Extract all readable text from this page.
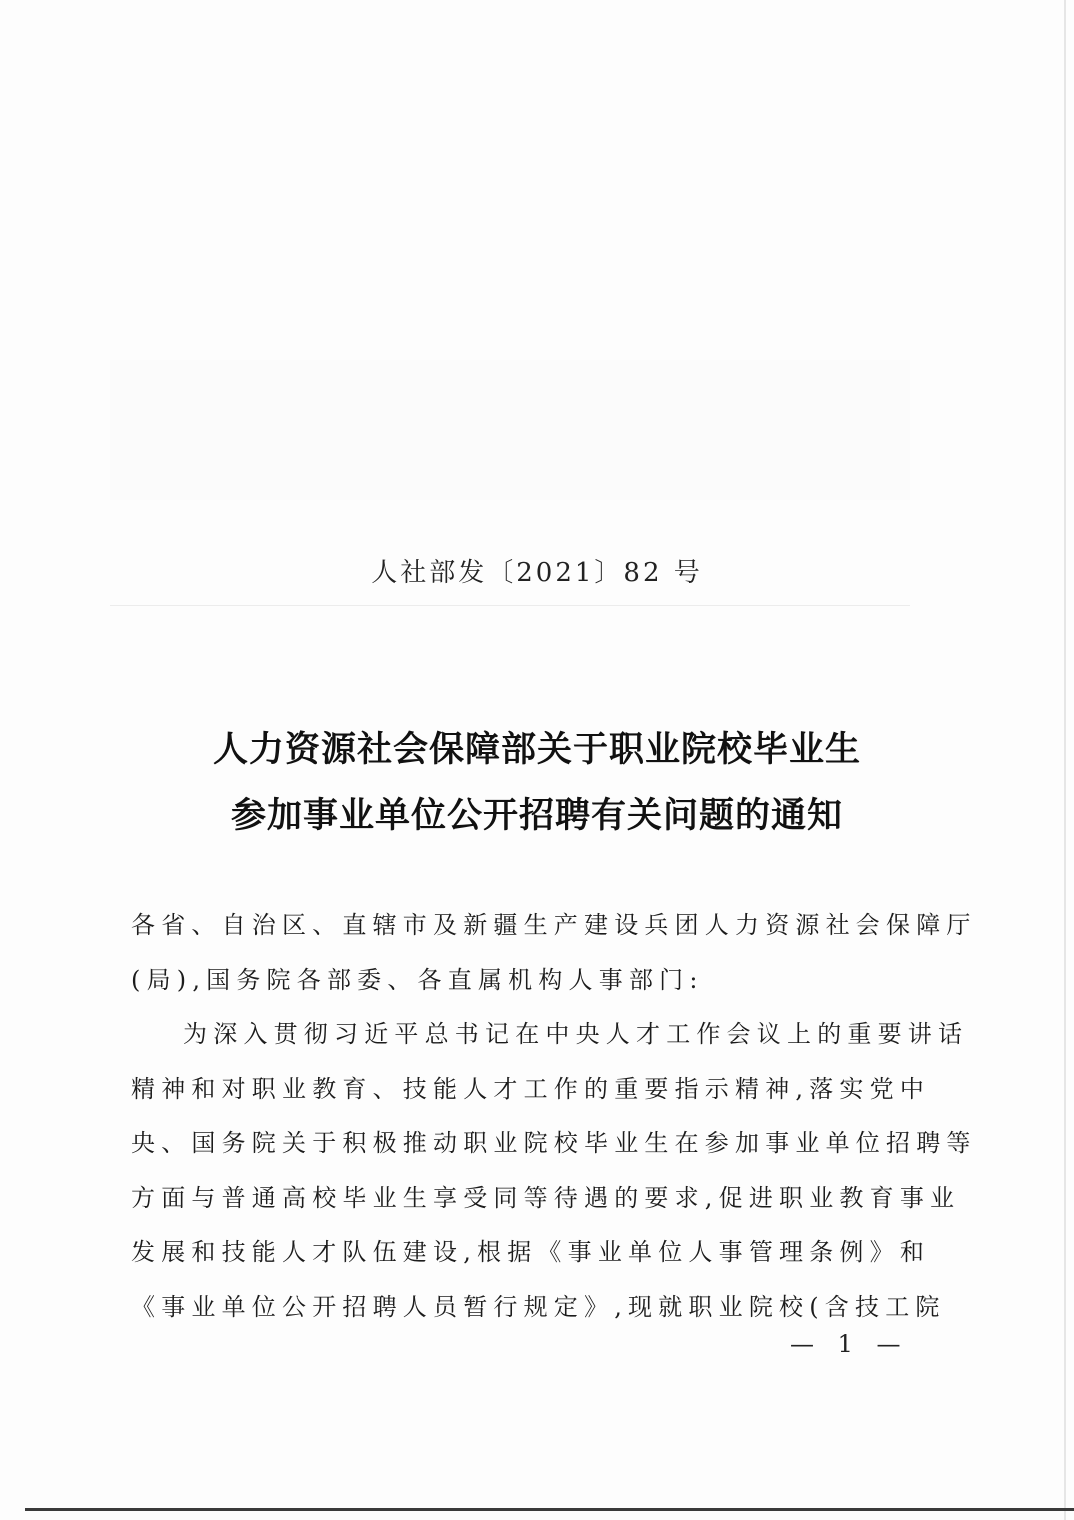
人社部发〔2021〕82 号
人力资源社会保障部关于职业院校毕业生
参加事业单位公开招聘有关问题的通知
各省、自治区、直辖市及新疆生产建设兵团人力资源社会保障厅
(局),国务院各部委、各直属机构人事部门:
为深入贯彻习近平总书记在中央人才工作会议上的重要讲话
精神和对职业教育、技能人才工作的重要指示精神,落实党中
央、国务院关于积极推动职业院校毕业生在参加事业单位招聘等
方面与普通高校毕业生享受同等待遇的要求,促进职业教育事业
发展和技能人才队伍建设,根据《事业单位人事管理条例》和
《事业单位公开招聘人员暂行规定》,现就职业院校(含技工院
— 1 —
